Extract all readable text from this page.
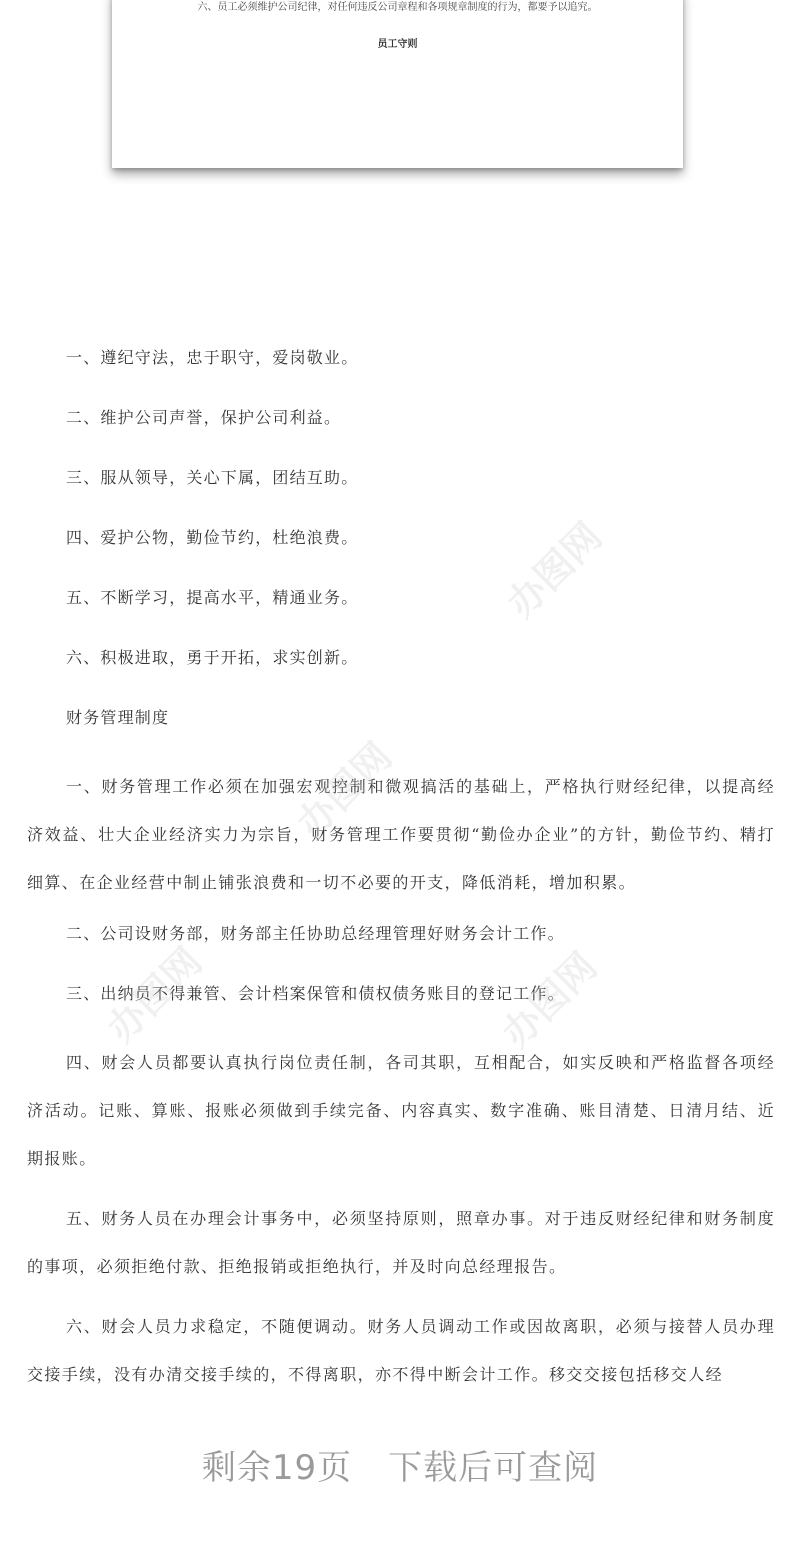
六、员工必须维护公司纪律，对任何违反公司章程和各项规章制度的行为，都要予以追究。
员工守则

一、遵纪守法，忠于职守，爱岗敬业。

二、维护公司声誉，保护公司利益。

三、服从领导，关心下属，团结互助。

四、爱护公物，勤俭节约，杜绝浪费。

五、不断学习，提高水平，精通业务。

六、积极进取，勇于开拓，求实创新。

财务管理制度

一、财务管理工作必须在加强宏观控制和微观搞活的基础上，严格执行财经纪律，以提高经济效益、壮大企业经济实力为宗旨，财务管理工作要贯彻“勤俭办企业”的方针，勤俭节约、精打细算、在企业经营中制止铺张浪费和一切不必要的开支，降低消耗，增加积累。

二、公司设财务部，财务部主任协助总经理管理好财务会计工作。

三、出纳员不得兼管、会计档案保管和债权债务账目的登记工作。

四、财会人员都要认真执行岗位责任制，各司其职，互相配合，如实反映和严格监督各项经济活动。记账、算账、报账必须做到手续完备、内容真实、数字准确、账目清楚、日清月结、近期报账。

五、财务人员在办理会计事务中，必须坚持原则，照章办事。对于违反财经纪律和财务制度的事项，必须拒绝付款、拒绝报销或拒绝执行，并及时向总经理报告。

六、财会人员力求稳定，不随便调动。财务人员调动工作或因故离职，必须与接替人员办理交接手续，没有办清交接手续的，不得离职，亦不得中断会计工作。移交交接包括移交人经

办图网
办图网
办图网
办图网
剩余19页 下载后可查阅
